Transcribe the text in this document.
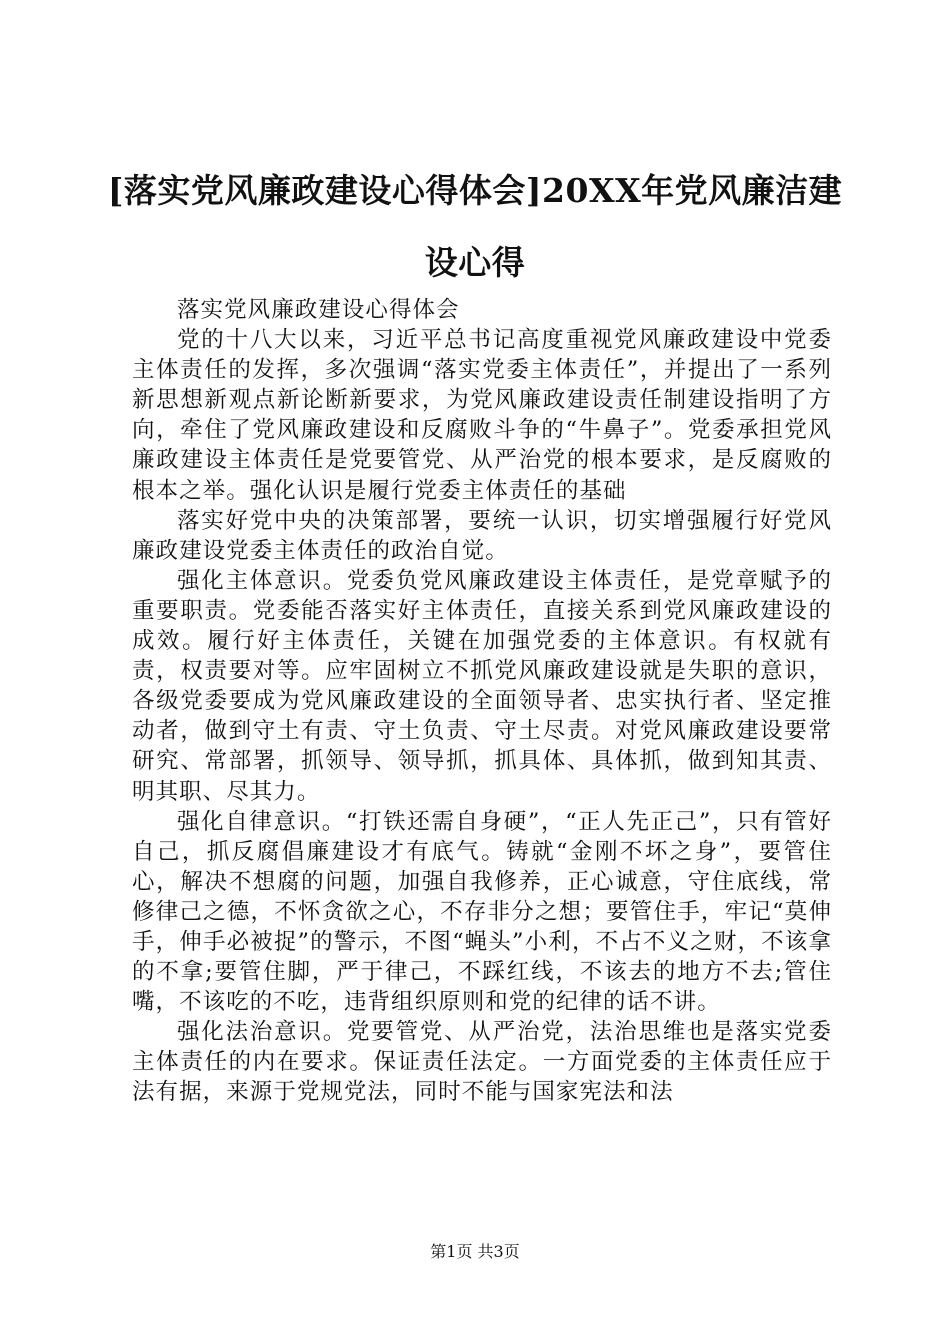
[落实党风廉政建设心得体会]20XX年党风廉洁建设心得

落实党风廉政建设心得体会

党的十八大以来，习近平总书记高度重视党风廉政建设中党委主体责任的发挥，多次强调“落实党委主体责任”，并提出了一系列新思想新观点新论断新要求，为党风廉政建设责任制建设指明了方向，牵住了党风廉政建设和反腐败斗争的“牛鼻子”。党委承担党风廉政建设主体责任是党要管党、从严治党的根本要求，是反腐败的根本之举。强化认识是履行党委主体责任的基础

落实好党中央的决策部署，要统一认识，切实增强履行好党风廉政建设党委主体责任的政治自觉。

强化主体意识。党委负党风廉政建设主体责任，是党章赋予的重要职责。党委能否落实好主体责任，直接关系到党风廉政建设的成效。履行好主体责任，关键在加强党委的主体意识。有权就有责，权责要对等。应牢固树立不抓党风廉政建设就是失职的意识，各级党委要成为党风廉政建设的全面领导者、忠实执行者、坚定推动者，做到守土有责、守土负责、守土尽责。对党风廉政建设要常研究、常部署，抓领导、领导抓，抓具体、具体抓，做到知其责、明其职、尽其力。

强化自律意识。“打铁还需自身硬”，“正人先正己”，只有管好自己，抓反腐倡廉建设才有底气。铸就“金刚不坏之身”，要管住心，解决不想腐的问题，加强自我修养，正心诚意，守住底线，常修律己之德，不怀贪欲之心，不存非分之想；要管住手，牢记“莫伸手，伸手必被捉”的警示，不图“蝇头”小利，不占不义之财，不该拿的不拿;要管住脚，严于律己，不踩红线，不该去的地方不去;管住嘴，不该吃的不吃，违背组织原则和党的纪律的话不讲。

强化法治意识。党要管党、从严治党，法治思维也是落实党委主体责任的内在要求。保证责任法定。一方面党委的主体责任应于法有据，来源于党规党法，同时不能与国家宪法和法

第1页 共3页
